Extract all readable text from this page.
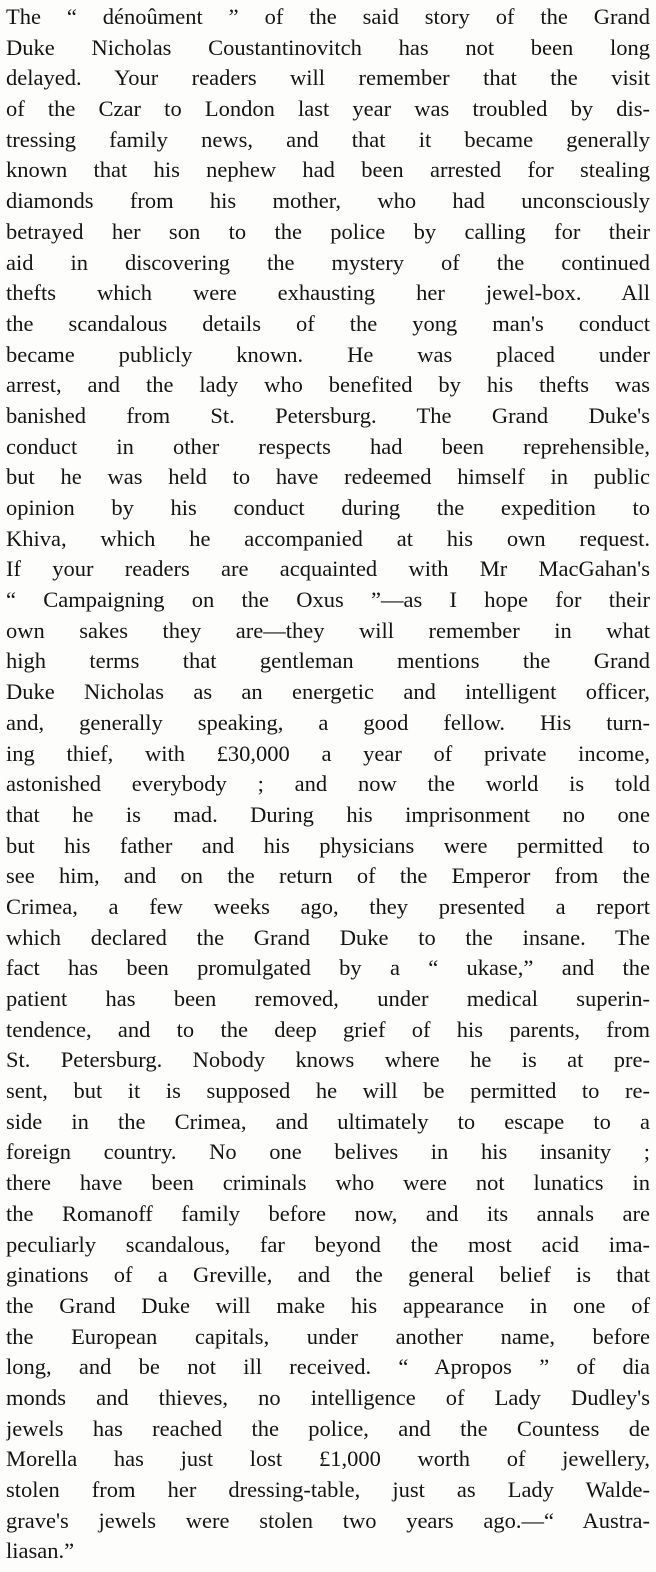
The “ dénoûment ” of the said story of the Grand
Duke Nicholas Coustantinovitch has not been long
delayed. Your readers will remember that the visit
of the Czar to London last year was troubled by dis-
tressing family news, and that it became generally
known that his nephew had been arrested for stealing
diamonds from his mother, who had unconsciously
betrayed her son to the police by calling for their
aid in discovering the mystery of the continued
thefts which were exhausting her jewel-box. All
the scandalous details of the yong man's conduct
became publicly known. He was placed under
arrest, and the lady who benefited by his thefts was
banished from St. Petersburg. The Grand Duke's
conduct in other respects had been reprehensible,
but he was held to have redeemed himself in public
opinion by his conduct during the expedition to
Khiva, which he accompanied at his own request.
If your readers are acquainted with Mr MacGahan's
“ Campaigning on the Oxus ”—as I hope for their
own sakes they are—they will remember in what
high terms that gentleman mentions the Grand
Duke Nicholas as an energetic and intelligent officer,
and, generally speaking, a good fellow. His turn-
ing thief, with £30,000 a year of private income,
astonished everybody ; and now the world is told
that he is mad. During his imprisonment no one
but his father and his physicians were permitted to
see him, and on the return of the Emperor from the
Crimea, a few weeks ago, they presented a report
which declared the Grand Duke to the insane. The
fact has been promulgated by a “ ukase,” and the
patient has been removed, under medical superin-
tendence, and to the deep grief of his parents, from
St. Petersburg. Nobody knows where he is at pre-
sent, but it is supposed he will be permitted to re-
side in the Crimea, and ultimately to escape to a
foreign country. No one belives in his insanity ;
there have been criminals who were not lunatics in
the Romanoff family before now, and its annals are
peculiarly scandalous, far beyond the most acid ima-
ginations of a Greville, and the general belief is that
the Grand Duke will make his appearance in one of
the European capitals, under another name, before
long, and be not ill received. “ Apropos ” of dia
monds and thieves, no intelligence of Lady Dudley's
jewels has reached the police, and the Countess de
Morella has just lost £1,000 worth of jewellery,
stolen from her dressing-table, just as Lady Walde-
grave's jewels were stolen two years ago.—“ Austra-
liasan.”
